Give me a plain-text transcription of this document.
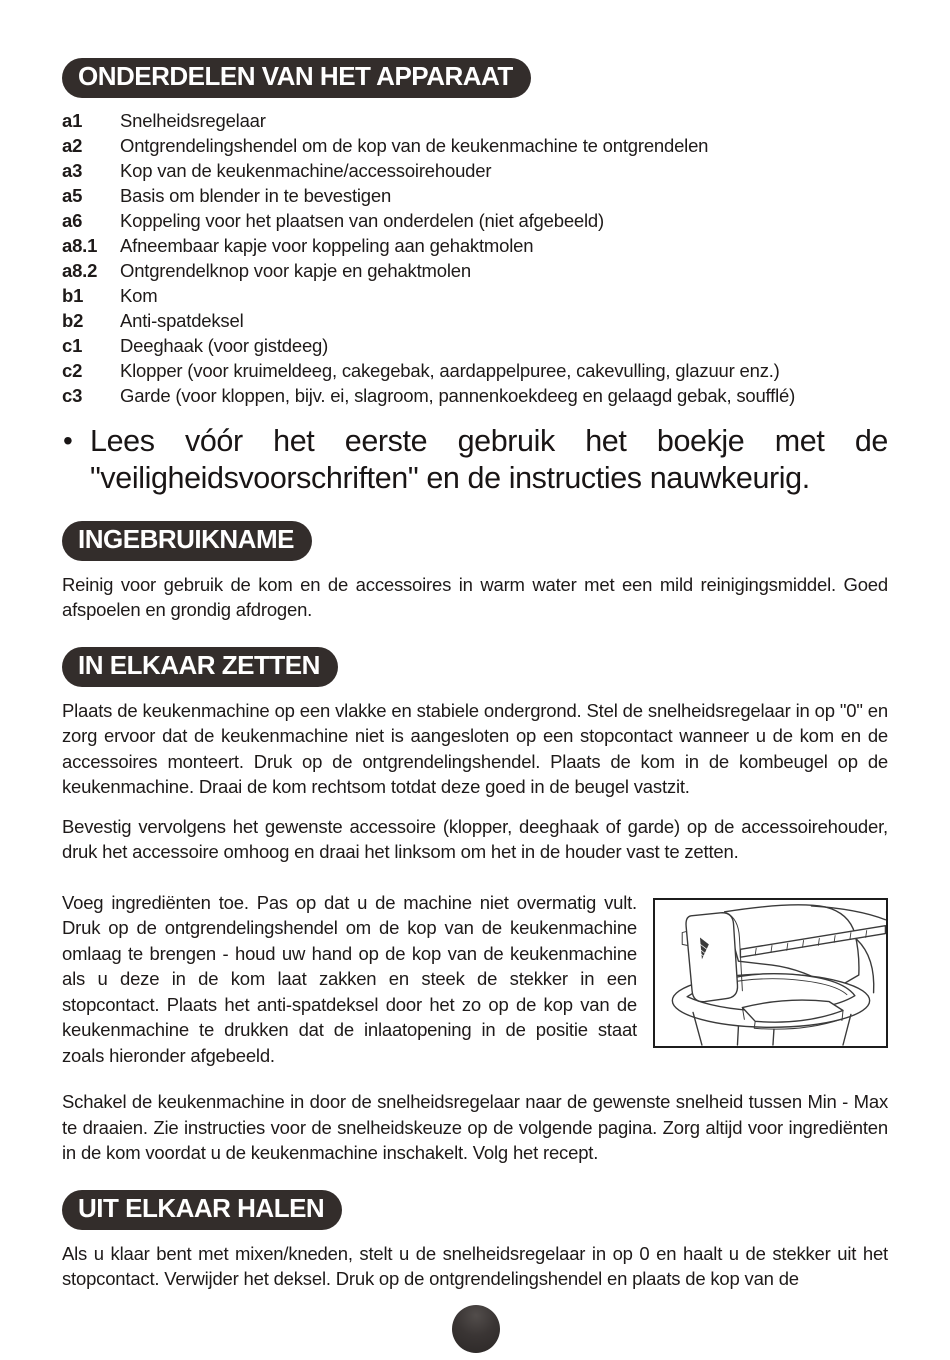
ONDERDELEN VAN HET APPARAAT
a1	Snelheidsregelaar
a2	Ontgrendelingshendel om de kop van de keukenmachine te ontgrendelen
a3	Kop van de keukenmachine/accessoirehouder
a5	Basis om blender in te bevestigen
a6	Koppeling voor het plaatsen van onderdelen (niet afgebeeld)
a8.1	Afneembaar kapje voor koppeling aan gehaktmolen
a8.2	Ontgrendelknop voor kapje en gehaktmolen
b1	Kom
b2	Anti-spatdeksel
c1	Deeghaak (voor gistdeeg)
c2	Klopper (voor kruimeldeeg, cakegebak, aardappelpuree, cakevulling, glazuur enz.)
c3	Garde (voor kloppen, bijv. ei, slagroom, pannenkoekdeeg en gelaagd gebak, soufflé)
• Lees vóór het eerste gebruik het boekje met de "veiligheidsvoorschriften" en de instructies nauwkeurig.
INGEBRUIKNAME
Reinig voor gebruik de kom en de accessoires in warm water met een mild reinigingsmiddel. Goed afspoelen en grondig afdrogen.
IN ELKAAR ZETTEN
Plaats de keukenmachine op een vlakke en stabiele ondergrond. Stel de snelheidsregelaar in op "0" en zorg ervoor dat de keukenmachine niet is aangesloten op een stopcontact wanneer u de kom en de accessoires monteert. Druk op de ontgrendelingshendel. Plaats de kom in de kombeugel op de keukenmachine. Draai de kom rechtsom totdat deze goed in de beugel vastzit.
Bevestig vervolgens het gewenste accessoire (klopper, deeghaak of garde) op de accessoirehouder, druk het accessoire omhoog en draai het linksom om het in de houder vast te zetten.
Voeg ingrediënten toe. Pas op dat u de machine niet overmatig vult. Druk op de ontgrendelingshendel om de kop van de keukenmachine omlaag te brengen - houd uw hand op de kop van de keukenmachine als u deze in de kom laat zakken en steek de stekker in een stopcontact. Plaats het anti-spatdeksel door het zo op de kop van de keukenmachine te drukken dat de inlaatopening in de positie staat zoals hieronder afgebeeld.
Schakel de keukenmachine in door de snelheidsregelaar naar de gewenste snelheid tussen Min - Max te draaien. Zie instructies voor de snelheidskeuze op de volgende pagina. Zorg altijd voor ingrediënten in de kom voordat u de keukenmachine inschakelt. Volg het recept.
UIT ELKAAR HALEN
Als u klaar bent met mixen/kneden, stelt u de snelheidsregelaar in op 0 en haalt u de stekker uit het stopcontact. Verwijder het deksel. Druk op de ontgrendelingshendel en plaats de kop van de
